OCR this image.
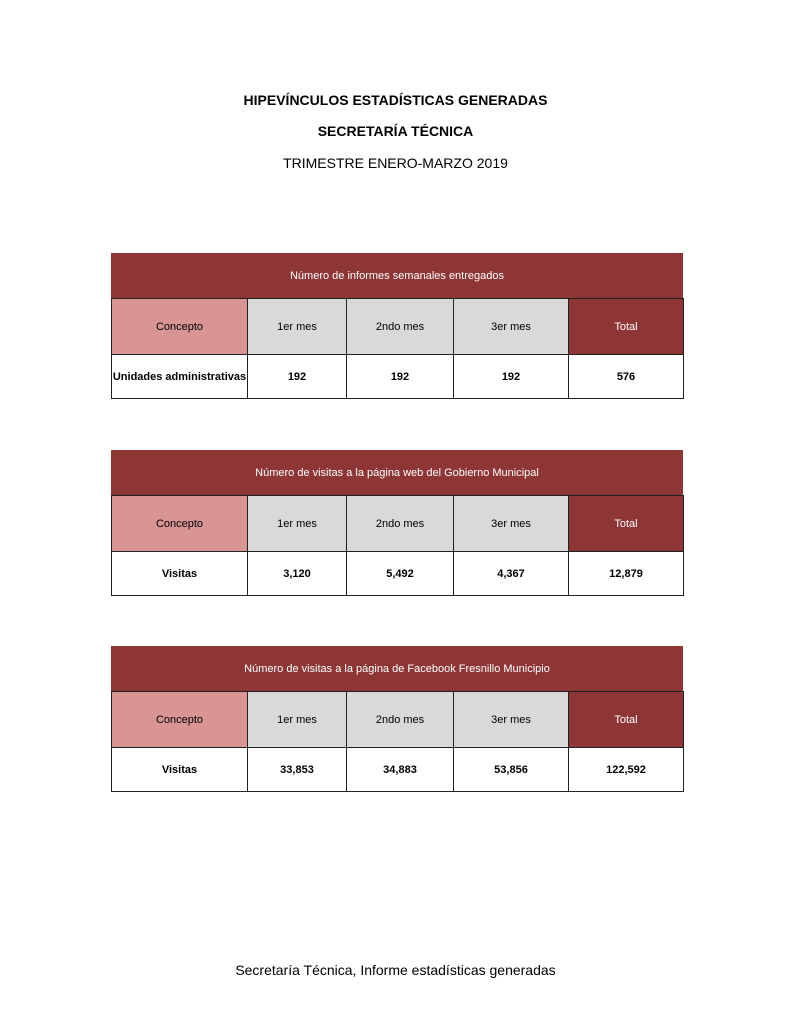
HIPEVÍNCULOS ESTADÍSTICAS GENERADAS
SECRETARÍA TÉCNICA
TRIMESTRE ENERO-MARZO 2019
Número de informes semanales entregados
Concepto	1er mes	2ndo mes	3er mes	Total
Unidades administrativas	192	192	192	576
Número de visitas a la página web del Gobierno Municipal
Concepto	1er mes	2ndo mes	3er mes	Total
Visitas	3,120	5,492	4,367	12,879
Número de visitas a la página de Facebook Fresnillo Municipio
Concepto	1er mes	2ndo mes	3er mes	Total
Visitas	33,853	34,883	53,856	122,592
Secretaría Técnica, Informe estadísticas generadas
